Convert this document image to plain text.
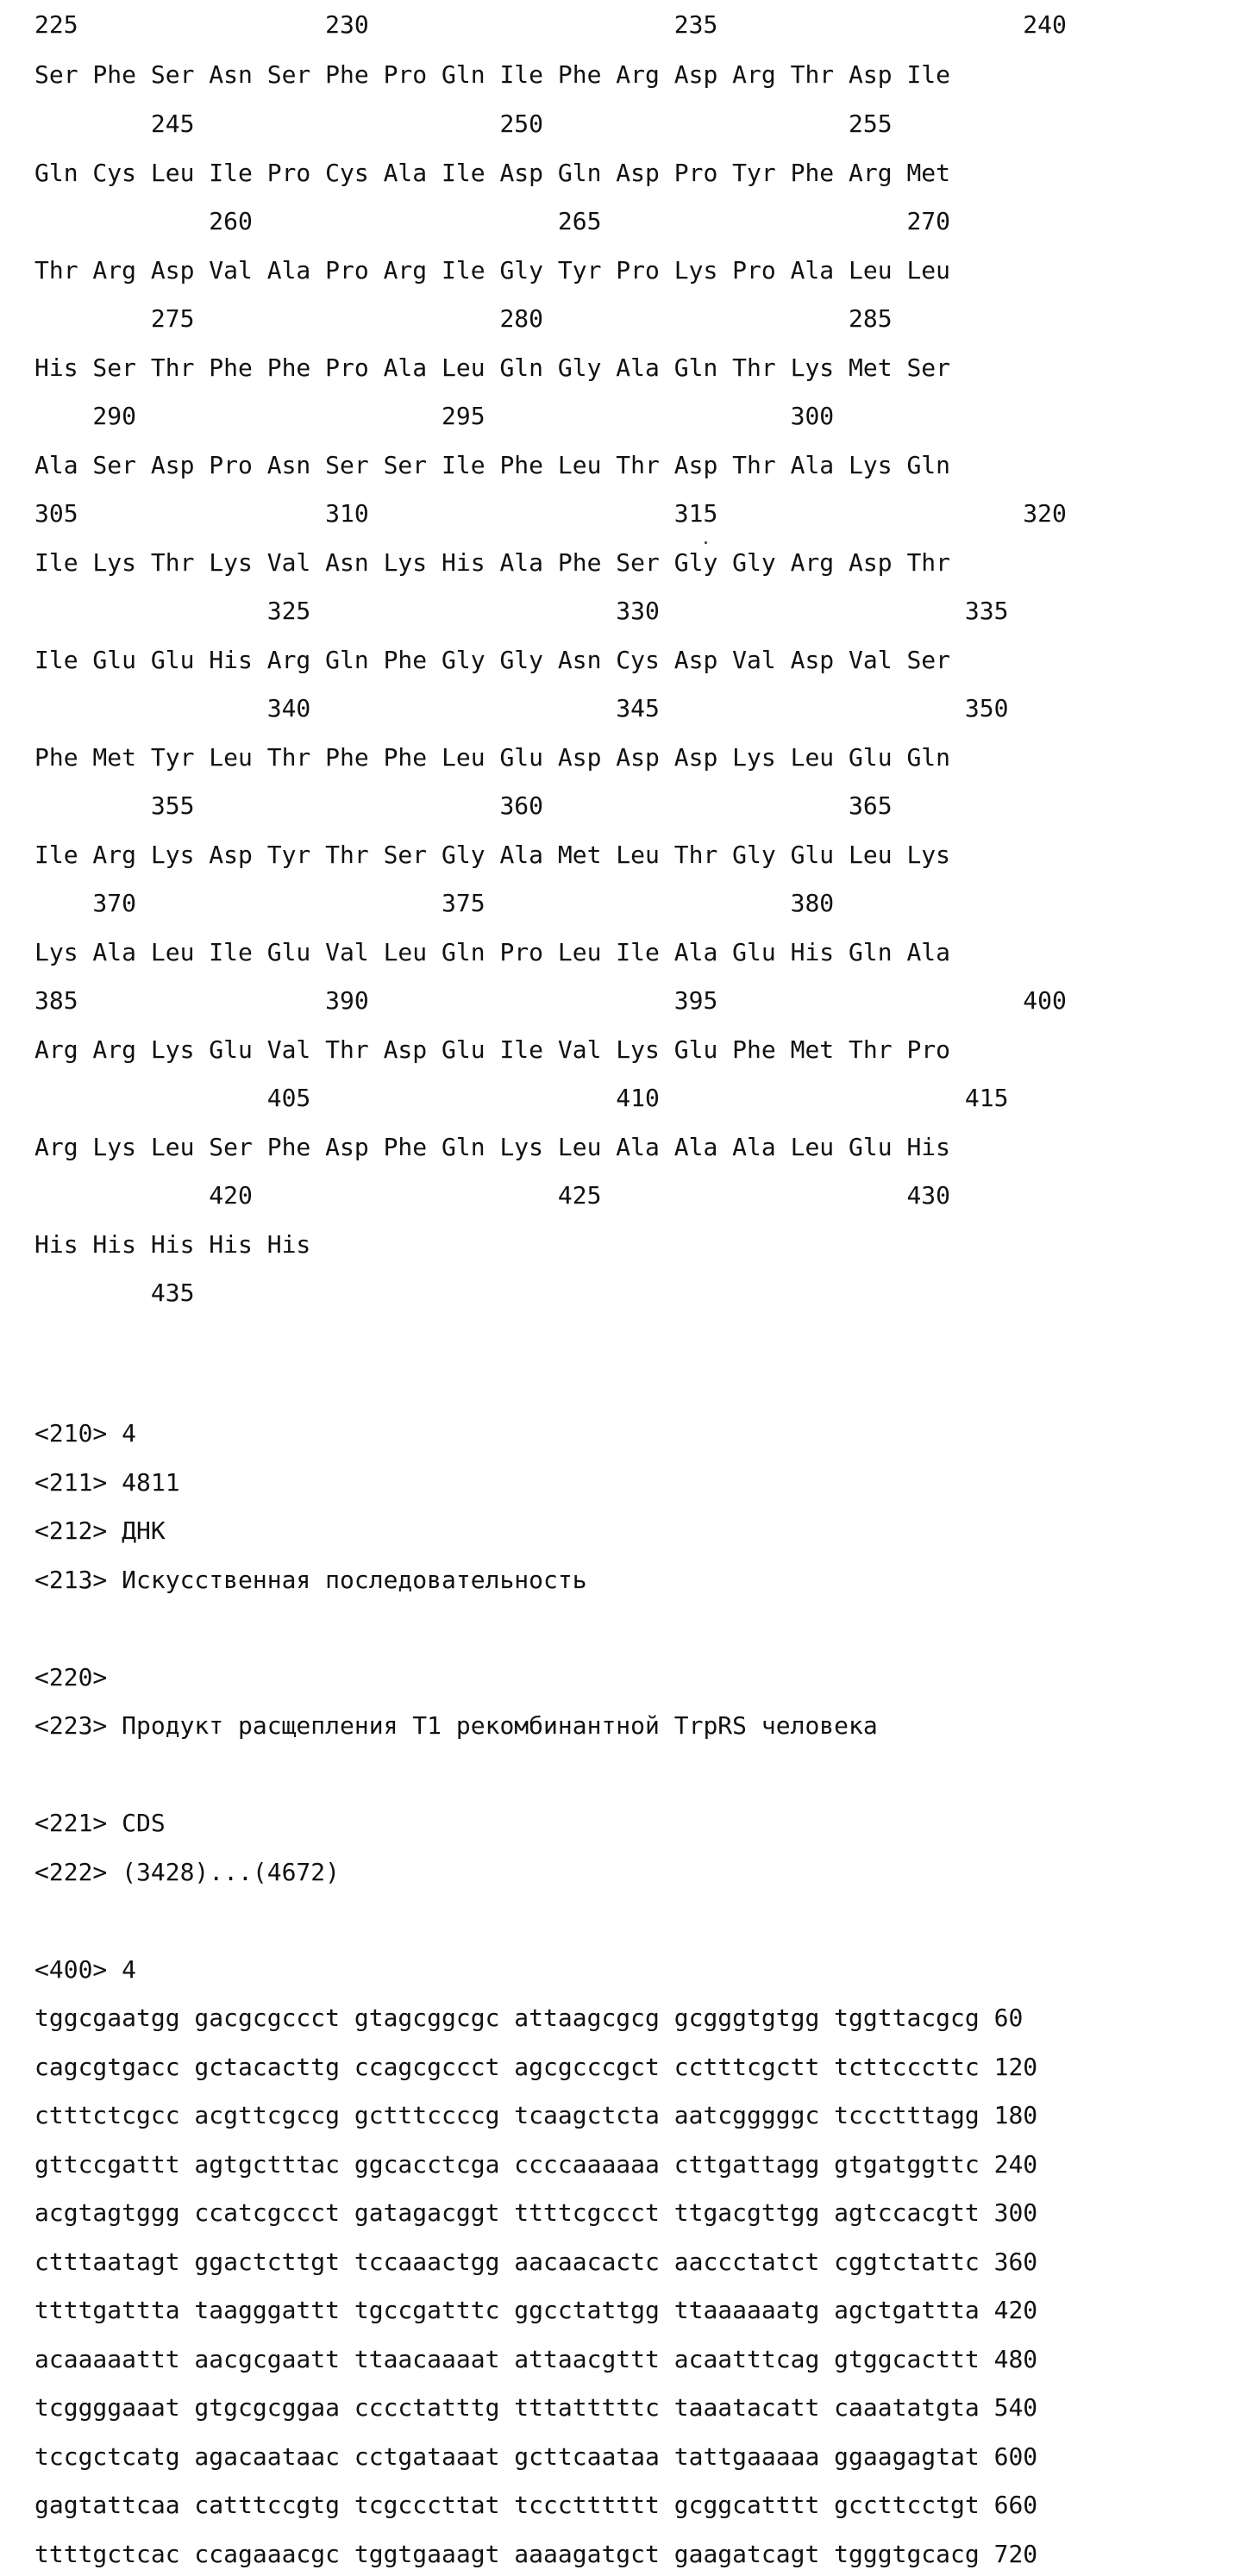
225                 230                     235                     240
Ser Phe Ser Asn Ser Phe Pro Gln Ile Phe Arg Asp Arg Thr Asp Ile
245                     250                     255
Gln Cys Leu Ile Pro Cys Ala Ile Asp Gln Asp Pro Tyr Phe Arg Met
260                     265                     270
Thr Arg Asp Val Ala Pro Arg Ile Gly Tyr Pro Lys Pro Ala Leu Leu
275                     280                     285
His Ser Thr Phe Phe Pro Ala Leu Gln Gly Ala Gln Thr Lys Met Ser
290                     295                     300
Ala Ser Asp Pro Asn Ser Ser Ile Phe Leu Thr Asp Thr Ala Lys Gln
305                 310                     315                     320
Ile Lys Thr Lys Val Asn Lys His Ala Phe Ser Gly Gly Arg Asp Thr
325                     330                     335
Ile Glu Glu His Arg Gln Phe Gly Gly Asn Cys Asp Val Asp Val Ser
340                     345                     350
Phe Met Tyr Leu Thr Phe Phe Leu Glu Asp Asp Asp Lys Leu Glu Gln
355                     360                     365
Ile Arg Lys Asp Tyr Thr Ser Gly Ala Met Leu Thr Gly Glu Leu Lys
370                     375                     380
Lys Ala Leu Ile Glu Val Leu Gln Pro Leu Ile Ala Glu His Gln Ala
385                 390                     395                     400
Arg Arg Lys Glu Val Thr Asp Glu Ile Val Lys Glu Phe Met Thr Pro
405                     410                     415
Arg Lys Leu Ser Phe Asp Phe Gln Lys Leu Ala Ala Ala Leu Glu His
420                     425                     430
His His His His His
435
<210> 4
<211> 4811
<212> ДНК
<213> Искусственная последовательность
<220>
<223> Продукт расщепления T1 рекомбинантной TrpRS человека
<221> CDS
<222> (3428)...(4672)
<400> 4
tggcgaatgg gacgcgccct gtagcggcgc attaagcgcg gcgggtgtgg tggttacgcg 60
cagcgtgacc gctacacttg ccagcgccct agcgcccgct cctttcgctt tcttcccttc 120
ctttctcgcc acgttcgccg gctttccccg tcaagctcta aatcgggggc tccctttagg 180
gttccgattt agtgctttac ggcacctcga ccccaaaaaa cttgattagg gtgatggttc 240
acgtagtggg ccatcgccct gatagacggt ttttcgccct ttgacgttgg agtccacgtt 300
ctttaatagt ggactcttgt tccaaactgg aacaacactc aaccctatct cggtctattc 360
ttttgattta taagggattt tgccgatttc ggcctattgg ttaaaaaatg agctgattta 420
acaaaaattt aacgcgaatt ttaacaaaat attaacgttt acaatttcag gtggcacttt 480
tcggggaaat gtgcgcggaa cccctatttg tttatttttc taaatacatt caaatatgta 540
tccgctcatg agacaataac cctgataaat gcttcaataa tattgaaaaa ggaagagtat 600
gagtattcaa catttccgtg tcgcccttat tccctttttt gcggcatttt gccttcctgt 660
ttttgctcac ccagaaacgc tggtgaaagt aaaagatgct gaagatcagt tgggtgcacg 720
